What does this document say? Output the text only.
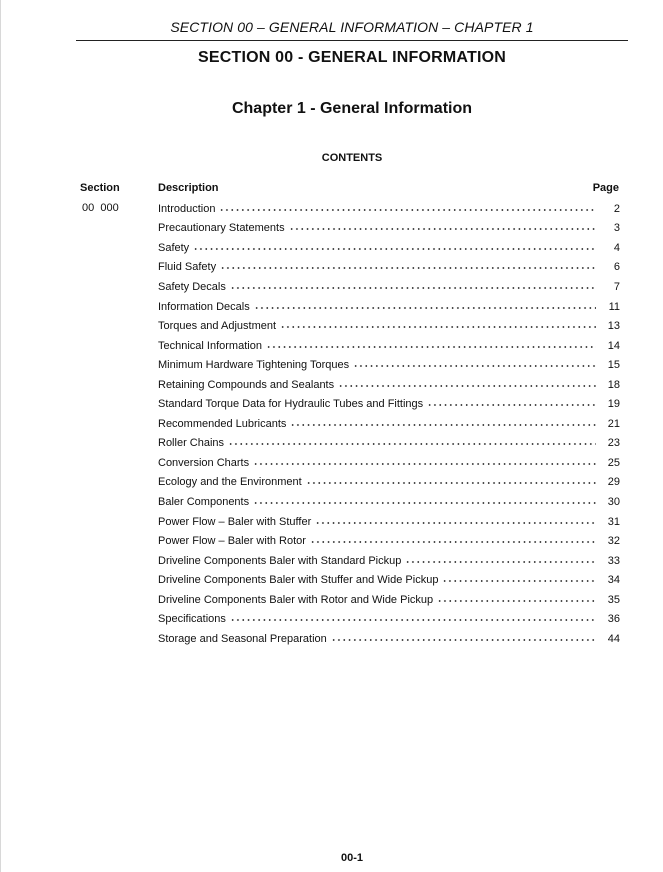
SECTION 00 – GENERAL INFORMATION – CHAPTER 1
SECTION 00 - GENERAL INFORMATION
Chapter 1 - General Information
CONTENTS
Section	Description	Page
00  000	Introduction	2
Precautionary Statements	3
Safety	4
Fluid Safety	6
Safety Decals	7
Information Decals	11
Torques and Adjustment	13
Technical Information	14
Minimum Hardware Tightening Torques	15
Retaining Compounds and Sealants	18
Standard Torque Data for Hydraulic Tubes and Fittings	19
Recommended Lubricants	21
Roller Chains	23
Conversion Charts	25
Ecology and the Environment	29
Baler Components	30
Power Flow – Baler with Stuffer	31
Power Flow – Baler with Rotor	32
Driveline Components Baler with Standard Pickup	33
Driveline Components Baler with Stuffer and Wide Pickup	34
Driveline Components Baler with Rotor and Wide Pickup	35
Specifications	36
Storage and Seasonal Preparation	44
00-1
